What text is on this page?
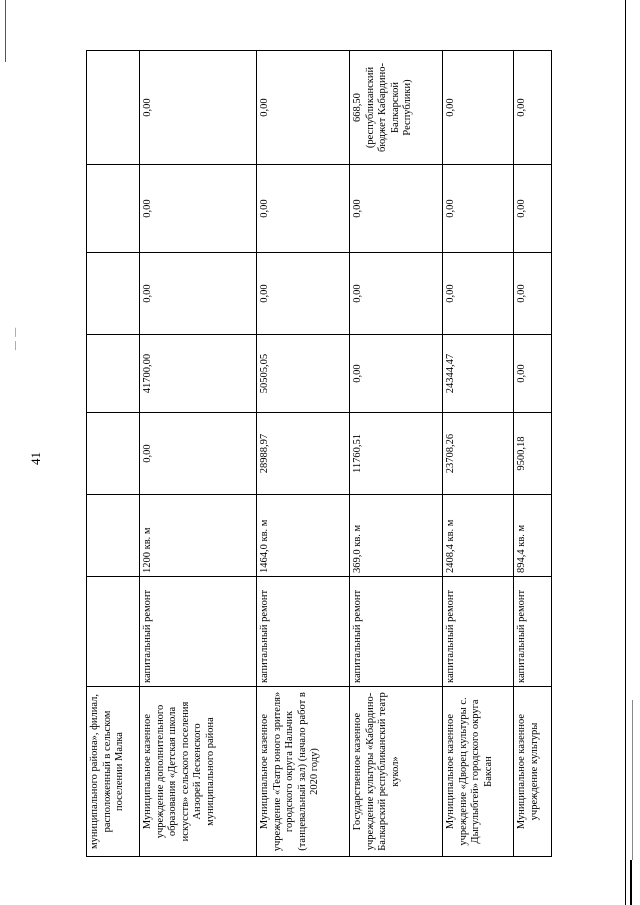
41
— —
муниципального района», филиал, расположенный в сельском поселении Малка							
Муниципальное казенное учреждение дополнительного образования «Детская школа искусств» сельского поселения Анзорей Лескенского муниципального района	капитальный ремонт	1200 кв. м	0,00	41700,00	0,00	0,00	0,00
Муниципальное казенное учреждение «Театр юного зрителя» городского округа Нальчик (танцевальный зал) (начало работ в 2020 году)	капитальный ремонт	1464,0 кв. м	28988,97	50505,05	0,00	0,00	0,00
Государственное казенное учреждение культуры «Кабардино-Балкарский республиканский театр кукол»	капитальный ремонт	369,0 кв. м	11760,51	0,00	0,00	0,00	668,50 (республиканский бюджет Кабардино-Балкарской Республики)
Муниципальное казенное учреждение «Дворец культуры с. Дыгулыбгей» городского округа Баксан	капитальный ремонт	2408,4 кв. м	23708,26	24344,47	0,00	0,00	0,00
Муниципальное казенное учреждение культуры	капитальный ремонт	894,4 кв. м	9500,18	0,00	0,00	0,00	0,00
